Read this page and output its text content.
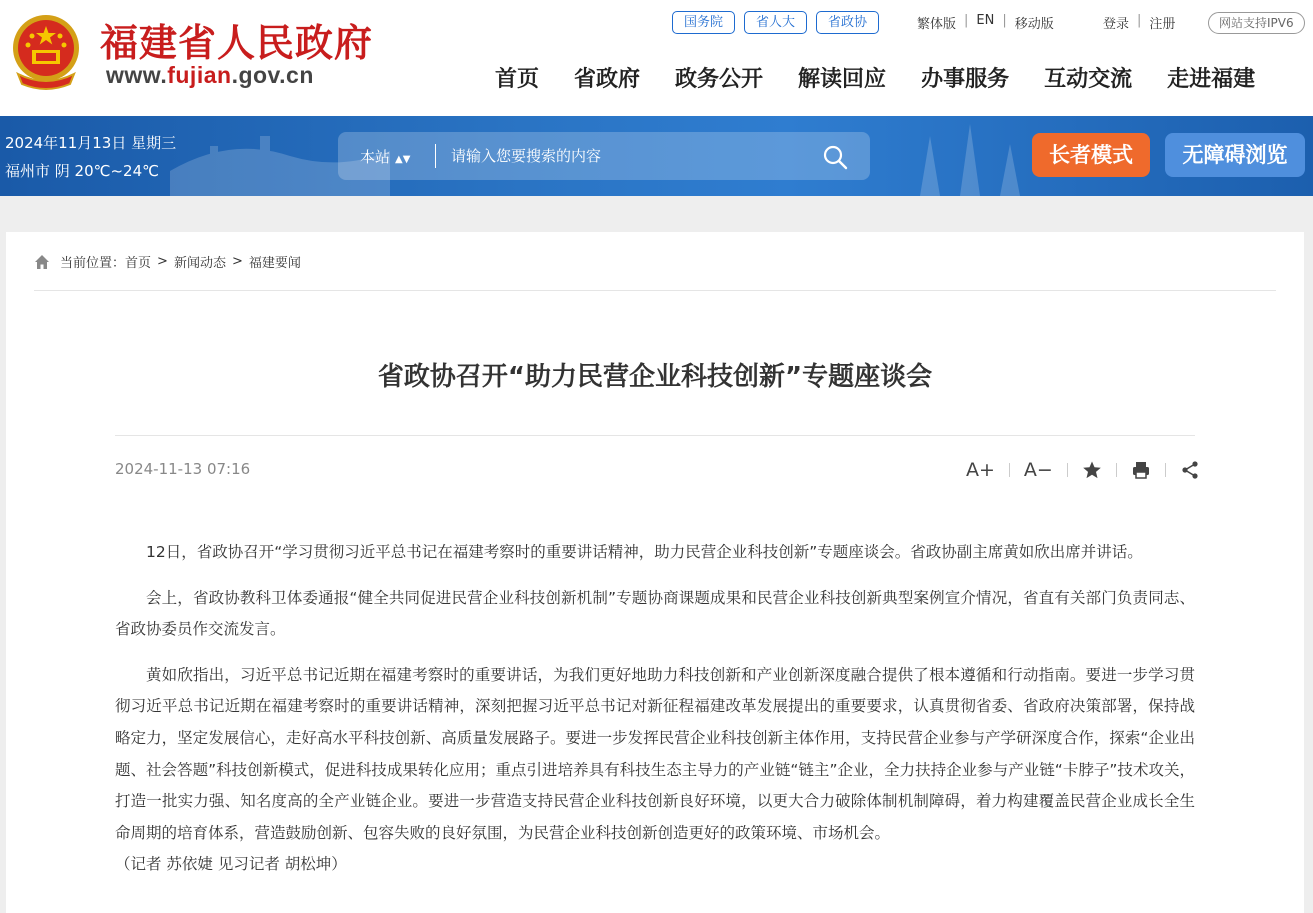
福建省人民政府
www.fujian.gov.cn
国务院	省人大	省政协	繁体版 | EN | 移动版	登录 | 注册	网站支持IPV6
首页 省政府 政务公开 解读回应 办事服务 互动交流 走进福建
2024年11月13日 星期三
福州市 阴 20℃~24℃
本站 ▲▼
请输入您要搜索的内容	长者模式	无障碍浏览
当前位置： 首页 > 新闻动态 > 福建要闻
省政协召开“助力民营企业科技创新”专题座谈会
2024-11-13 07:16	A+ A−

12日，省政协召开“学习贯彻习近平总书记在福建考察时的重要讲话精神，助力民营企业科技创新”专题座谈会。省政协副主席黄如欣出席并讲话。

会上，省政协教科卫体委通报“健全共同促进民营企业科技创新机制”专题协商课题成果和民营企业科技创新典型案例宣介情况，省直有关部门负责同志、省政协委员作交流发言。

黄如欣指出，习近平总书记近期在福建考察时的重要讲话，为我们更好地助力科技创新和产业创新深度融合提供了根本遵循和行动指南。要进一步学习贯彻习近平总书记近期在福建考察时的重要讲话精神，深刻把握习近平总书记对新征程福建改革发展提出的重要要求，认真贯彻省委、省政府决策部署，保持战略定力，坚定发展信心，走好高水平科技创新、高质量发展路子。要进一步发挥民营企业科技创新主体作用，支持民营企业参与产学研深度合作，探索“企业出题、社会答题”科技创新模式，促进科技成果转化应用；重点引进培养具有科技生态主导力的产业链“链主”企业，全力扶持企业参与产业链“卡脖子”技术攻关，打造一批实力强、知名度高的全产业链企业。要进一步营造支持民营企业科技创新良好环境，以更大合力破除体制机制障碍，着力构建覆盖民营企业成长全生命周期的培育体系，营造鼓励创新、包容失败的良好氛围，为民营企业科技创新创造更好的政策环境、市场机会。

（记者 苏依婕 见习记者 胡松坤）
